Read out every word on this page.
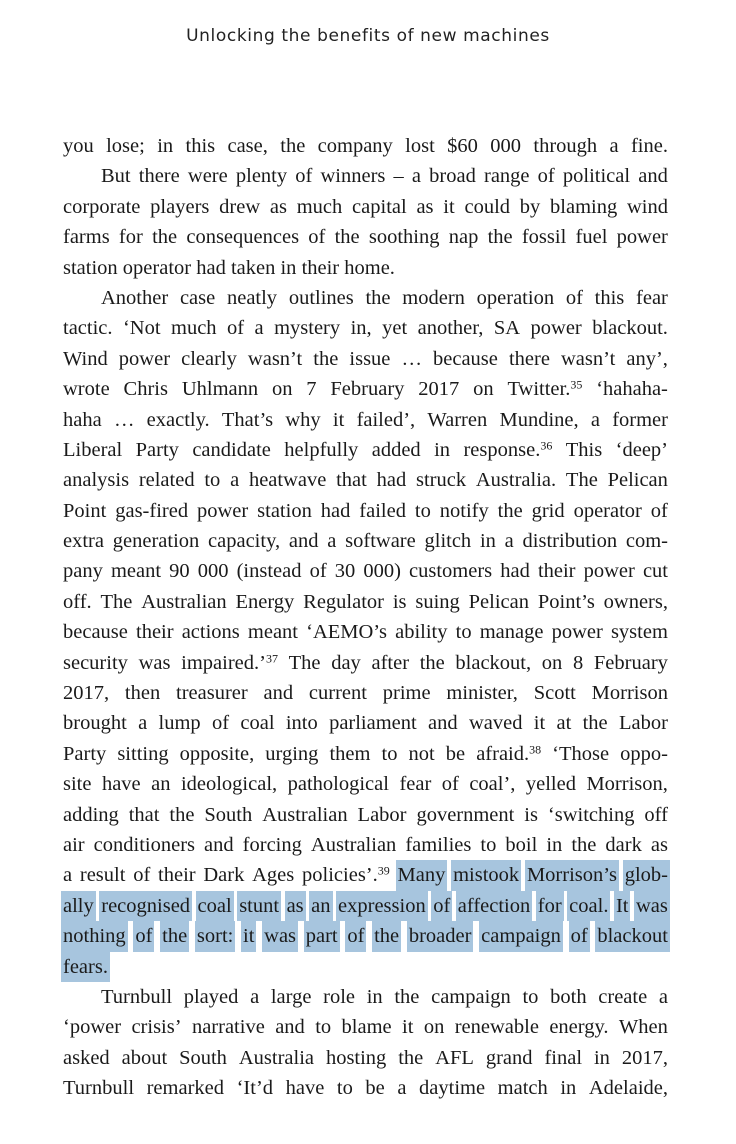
Unlocking the benefits of new machines
you lose; in this case, the company lost $60 000 through a fine.
But there were plenty of winners – a broad range of political and
corporate players drew as much capital as it could by blaming wind
farms for the consequences of the soothing nap the fossil fuel power
station operator had taken in their home.
Another case neatly outlines the modern operation of this fear
tactic. ‘Not much of a mystery in, yet another, SA power blackout.
Wind power clearly wasn’t the issue … because there wasn’t any’,
wrote Chris Uhlmann on 7 February 2017 on Twitter.$^{35}$ ‘hahaha-
haha … exactly. That’s why it failed’, Warren Mundine, a former
Liberal Party candidate helpfully added in response.$^{36}$ This ‘deep’
analysis related to a heatwave that had struck Australia. The Pelican
Point gas-fired power station had failed to notify the grid operator of
extra generation capacity, and a software glitch in a distribution com-
pany meant 90 000 (instead of 30 000) customers had their power cut
off. The Australian Energy Regulator is suing Pelican Point’s owners,
because their actions meant ‘AEMO’s ability to manage power system
security was impaired.’$^{37}$ The day after the blackout, on 8 February
2017, then treasurer and current prime minister, Scott Morrison
brought a lump of coal into parliament and waved it at the Labor
Party sitting opposite, urging them to not be afraid.$^{38}$ ‘Those oppo-
site have an ideological, pathological fear of coal’, yelled Morrison,
adding that the South Australian Labor government is ‘switching off
air conditioners and forcing Australian families to boil in the dark as
a result of their Dark Ages policies’.$^{39}$ Many mistook Morrison’s glob-
ally recognised coal stunt as an expression of affection for coal. It was
nothing of the sort: it was part of the broader campaign of blackout
fears.
Turnbull played a large role in the campaign to both create a
‘power crisis’ narrative and to blame it on renewable energy. When
asked about South Australia hosting the AFL grand final in 2017,
Turnbull remarked ‘It’d have to be a daytime match in Adelaide,
